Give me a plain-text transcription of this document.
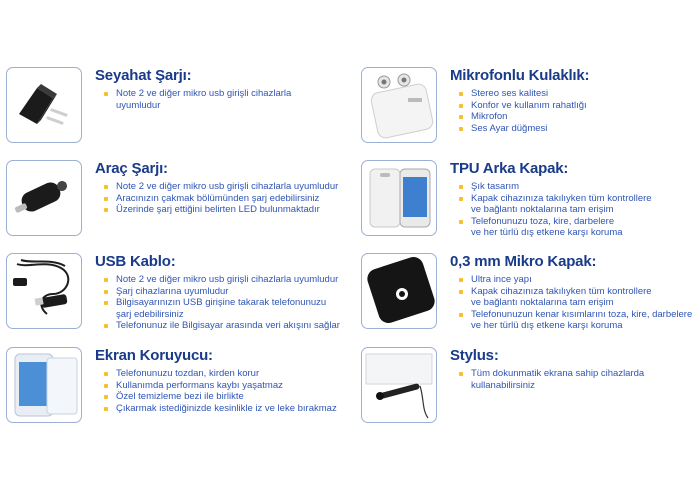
Seyahat Şarjı:
Note 2 ve diğer mikro usb girişli cihazlarla
uyumludur
Araç Şarjı:
Note 2 ve diğer mikro usb girişli cihazlarla uyumludur
Aracınızın çakmak bölümünden şarj edebilirsiniz
Üzerinde şarj ettiğini belirten LED bulunmaktadır
USB Kablo:
Note 2 ve diğer mikro usb girişli cihazlarla uyumludur
Şarj cihazlarına uyumludur
Bilgisayarınızın USB girişine takarak telefonunuzu
şarj edebilirsiniz
Telefonunuz ile Bilgisayar arasında veri akışını sağlar
Ekran Koruyucu:
Telefonunuzu tozdan, kirden korur
Kullanımda performans kaybı yaşatmaz
Özel temizleme bezi ile birlikte
Çıkarmak istediğinizde kesinlikle iz ve leke bırakmaz
Mikrofonlu Kulaklık:
Stereo ses kalitesi
Konfor ve kullanım rahatlığı
Mikrofon
Ses Ayar düğmesi
TPU Arka Kapak:
Şık tasarım
Kapak cihazınıza takılıyken tüm kontrollere
ve bağlantı noktalarına tam erişim
Telefonunuzu toza, kire, darbelere
ve her türlü dış etkene karşı koruma
0,3 mm Mikro Kapak:
Ultra ince yapı
Kapak cihazınıza takılıyken tüm kontrollere
ve bağlantı noktalarına tam erişim
Telefonunuzun kenar kısımlarını toza, kire, darbelere
ve her türlü dış etkene karşı koruma
Stylus:
Tüm dokunmatik ekrana sahip cihazlarda
kullanabilirsiniz
